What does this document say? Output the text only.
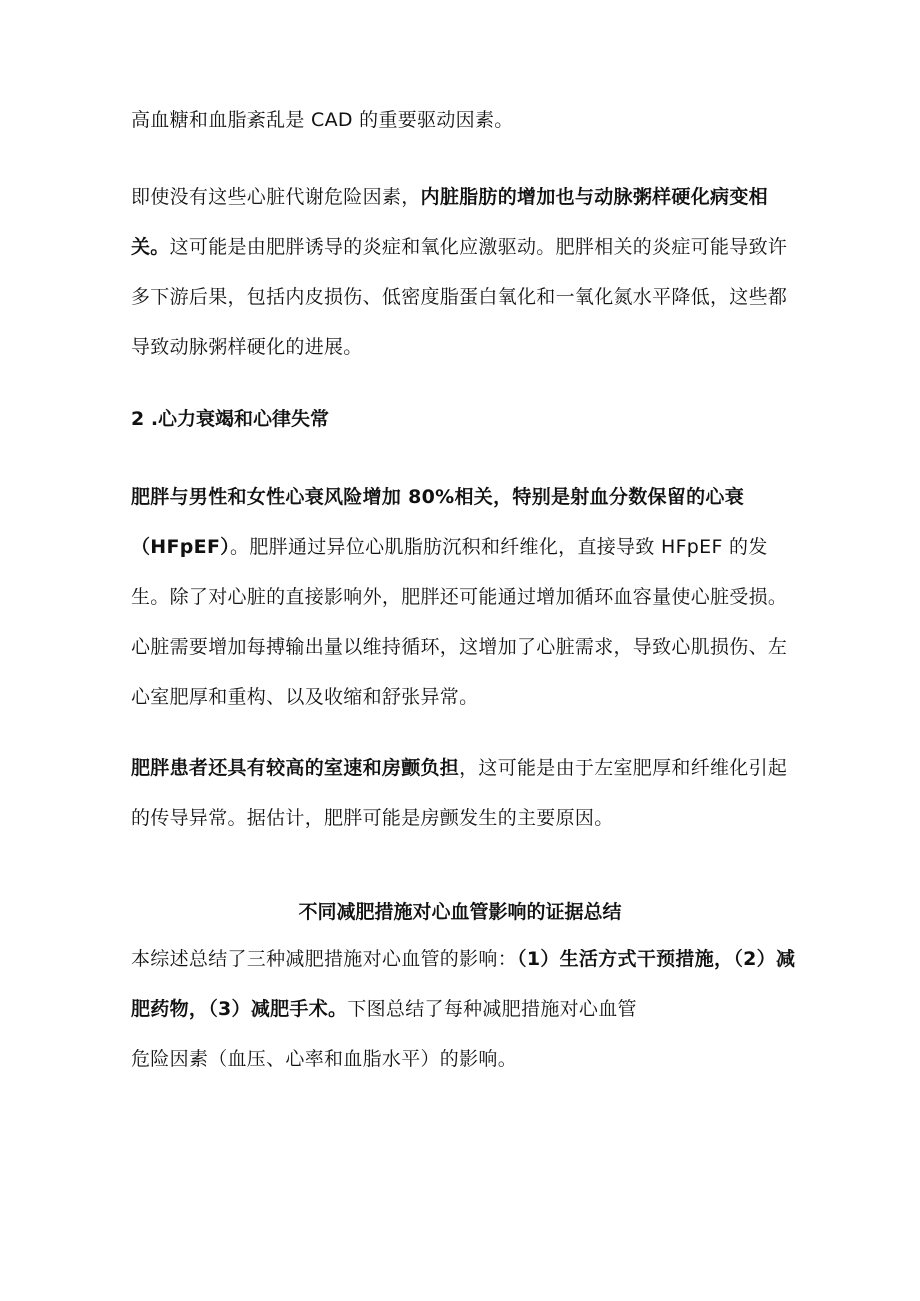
高血糖和血脂紊乱是 CAD 的重要驱动因素。

即使没有这些心脏代谢危险因素，内脏脂肪的增加也与动脉粥样硬化病变相关。这可能是由肥胖诱导的炎症和氧化应激驱动。肥胖相关的炎症可能导致许多下游后果，包括内皮损伤、低密度脂蛋白氧化和一氧化氮水平降低，这些都导致动脉粥样硬化的进展。

2 .心力衰竭和心律失常

肥胖与男性和女性心衰风险增加 80%相关，特别是射血分数保留的心衰（HFpEF）。肥胖通过异位心肌脂肪沉积和纤维化，直接导致 HFpEF 的发生。除了对心脏的直接影响外，肥胖还可能通过增加循环血容量使心脏受损。心脏需要增加每搏输出量以维持循环，这增加了心脏需求，导致心肌损伤、左心室肥厚和重构、以及收缩和舒张异常。

肥胖患者还具有较高的室速和房颤负担，这可能是由于左室肥厚和纤维化引起的传导异常。据估计，肥胖可能是房颤发生的主要原因。

不同减肥措施对心血管影响的证据总结

本综述总结了三种减肥措施对心血管的影响：（1）生活方式干预措施，（2）减肥药物，（3）减肥手术。下图总结了每种减肥措施对心血管
危险因素（血压、心率和血脂水平）的影响。
